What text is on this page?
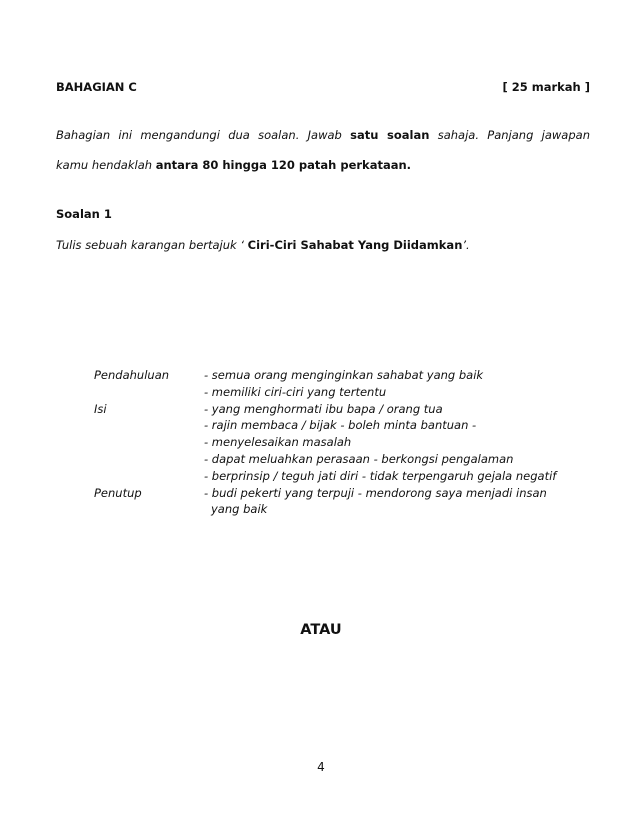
BAHAGIAN C	[ 25 markah ]
Bahagian ini mengandungi dua soalan. Jawab satu soalan sahaja. Panjang jawapan
kamu hendaklah antara 80 hingga 120 patah perkataan.
Soalan 1
Tulis sebuah karangan bertajuk ‘ Ciri-Ciri Sahabat Yang Diidamkan’.
Pendahuluan	- semua orang menginginkan sahabat yang baik
- memiliki ciri-ciri yang tertentu
Isi	- yang menghormati ibu bapa / orang tua
- rajin membaca / bijak - boleh minta bantuan -
- menyelesaikan masalah
- dapat meluahkan perasaan - berkongsi pengalaman
- berprinsip / teguh jati diri - tidak terpengaruh gejala negatif
Penutup	- budi pekerti yang terpuji - mendorong saya menjadi insan
yang baik
ATAU
4
